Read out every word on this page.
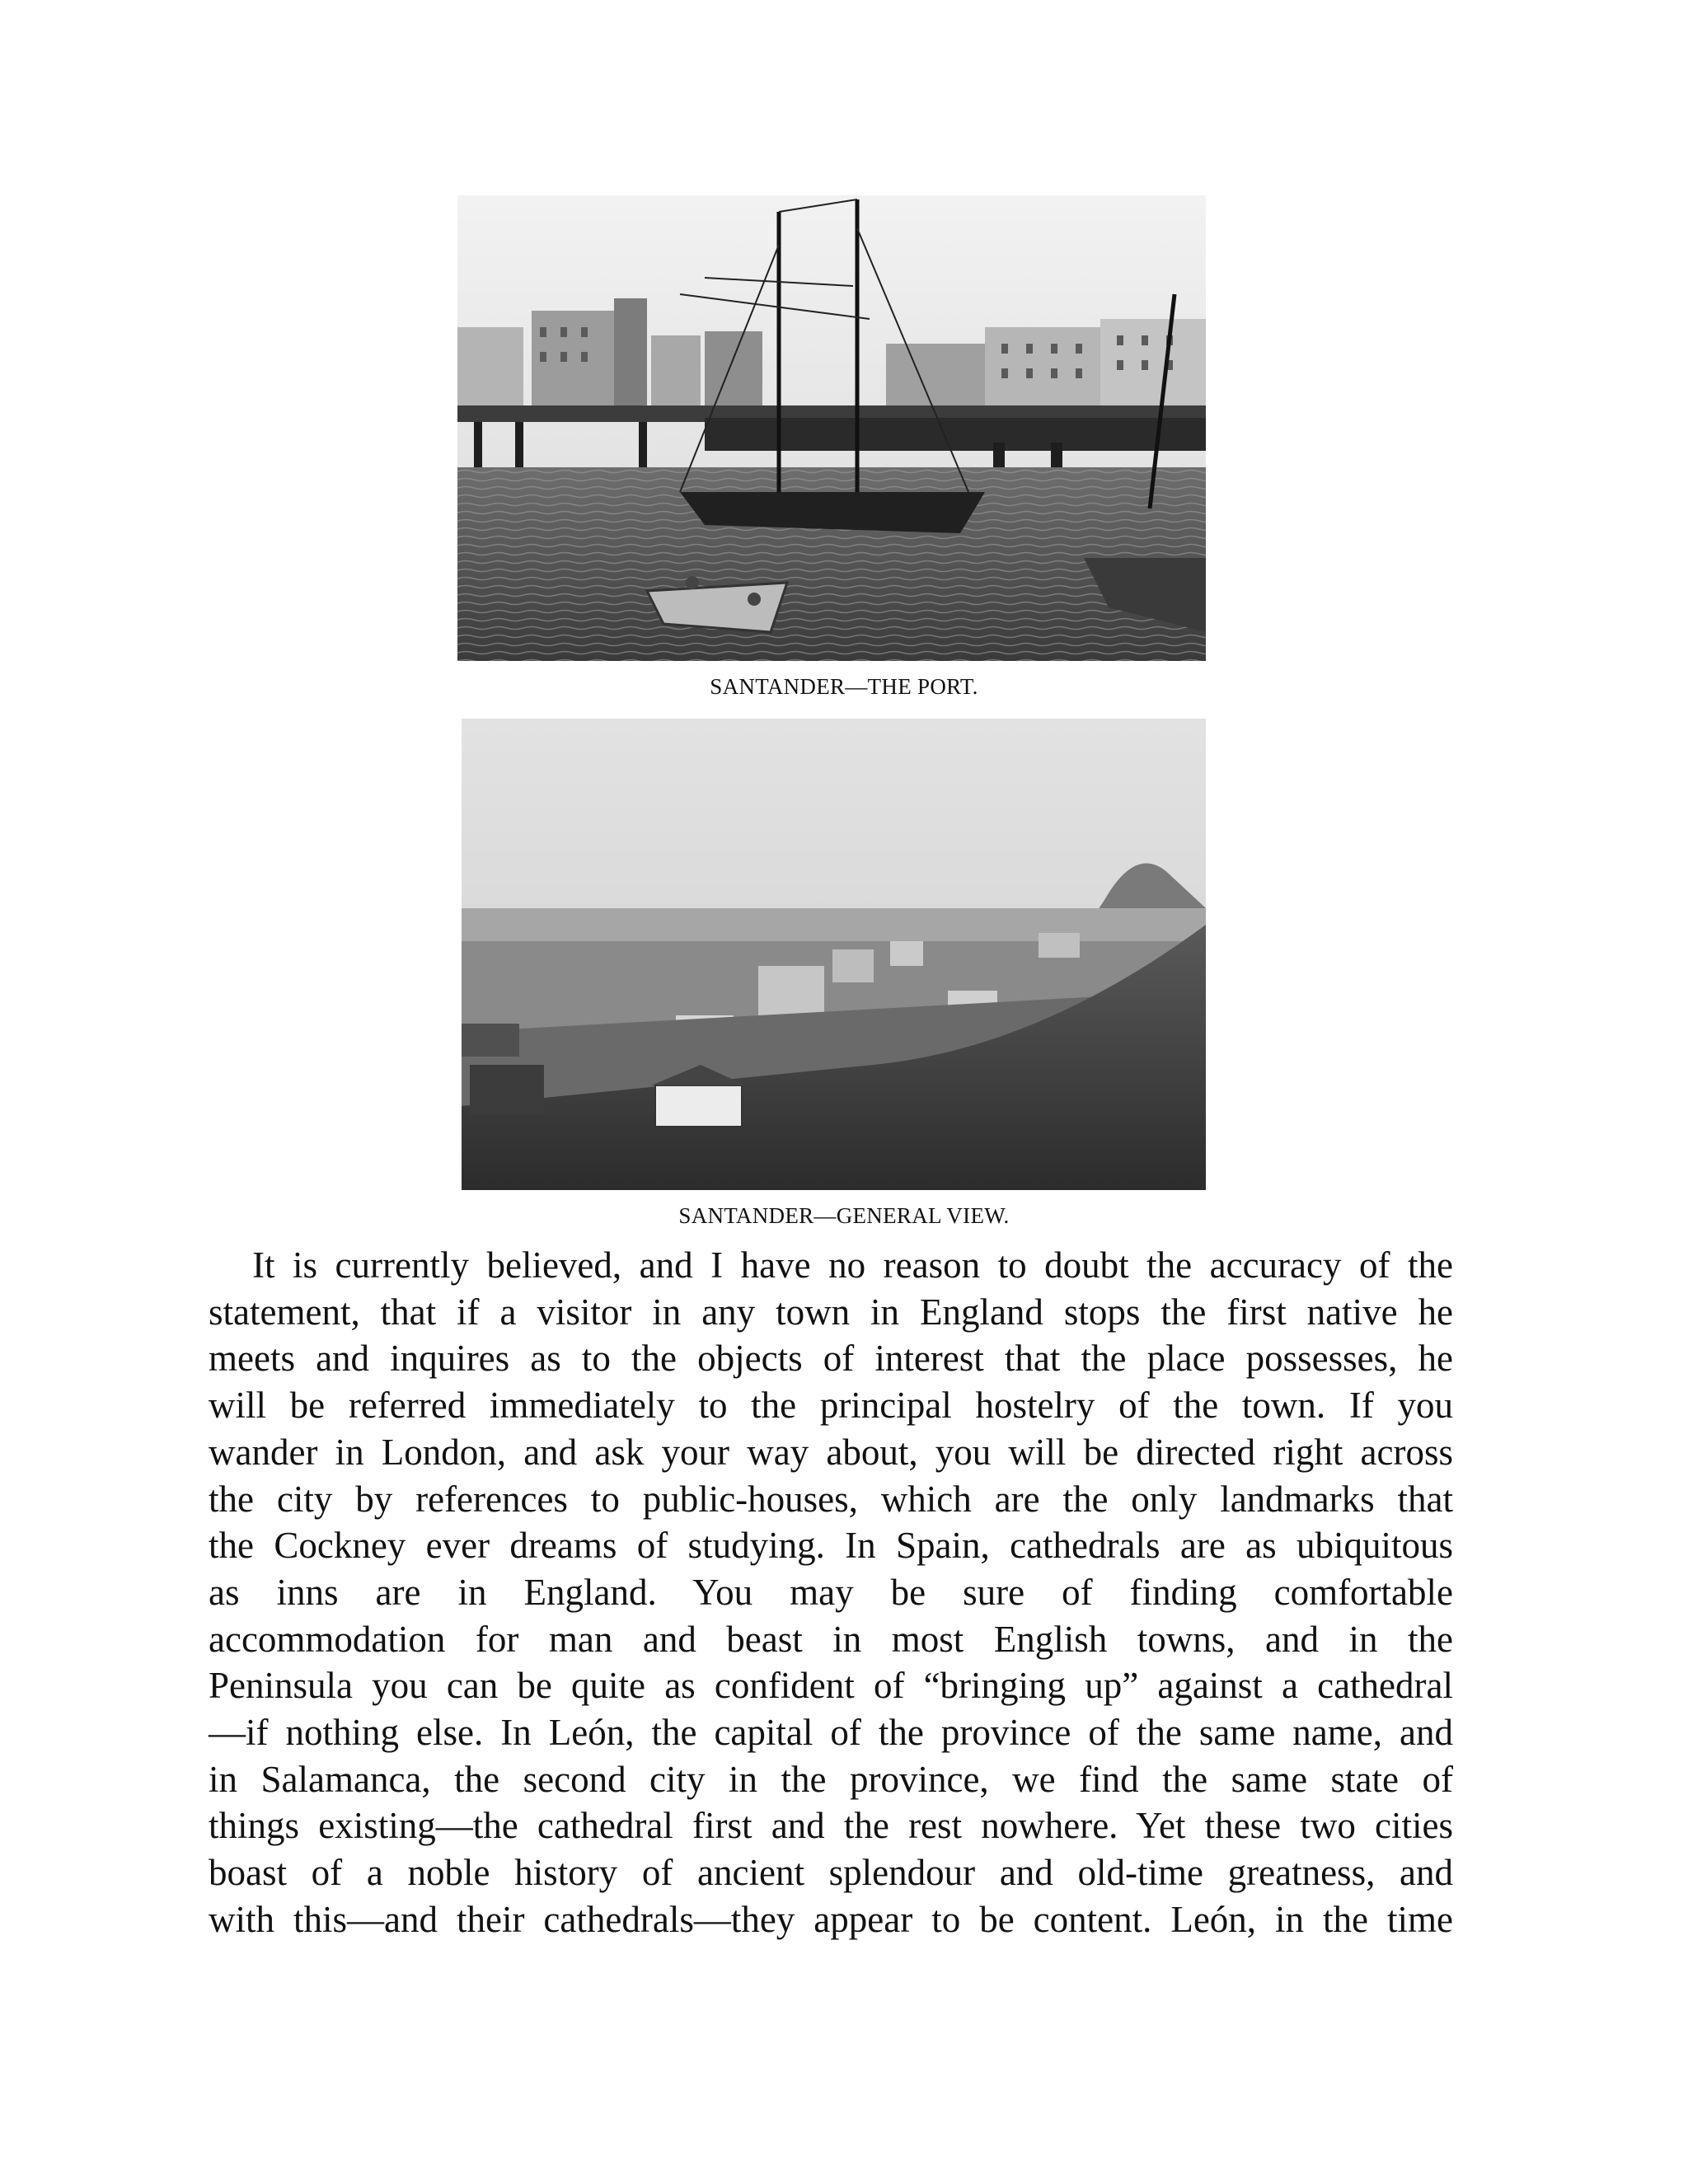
SANTANDER—THE PORT.
SANTANDER—GENERAL VIEW.
It is currently believed, and I have no reason to doubt the accuracy of the
statement, that if a visitor in any town in England stops the first native he
meets and inquires as to the objects of interest that the place possesses, he
will be referred immediately to the principal hostelry of the town. If you
wander in London, and ask your way about, you will be directed right across
the city by references to public-houses, which are the only landmarks that
the Cockney ever dreams of studying. In Spain, cathedrals are as ubiquitous
as inns are in England. You may be sure of finding comfortable
accommodation for man and beast in most English towns, and in the
Peninsula you can be quite as confident of “bringing up” against a cathedral
—if nothing else. In León, the capital of the province of the same name, and
in Salamanca, the second city in the province, we find the same state of
things existing—the cathedral first and the rest nowhere. Yet these two cities
boast of a noble history of ancient splendour and old-time greatness, and
with this—and their cathedrals—they appear to be content. León, in the time
